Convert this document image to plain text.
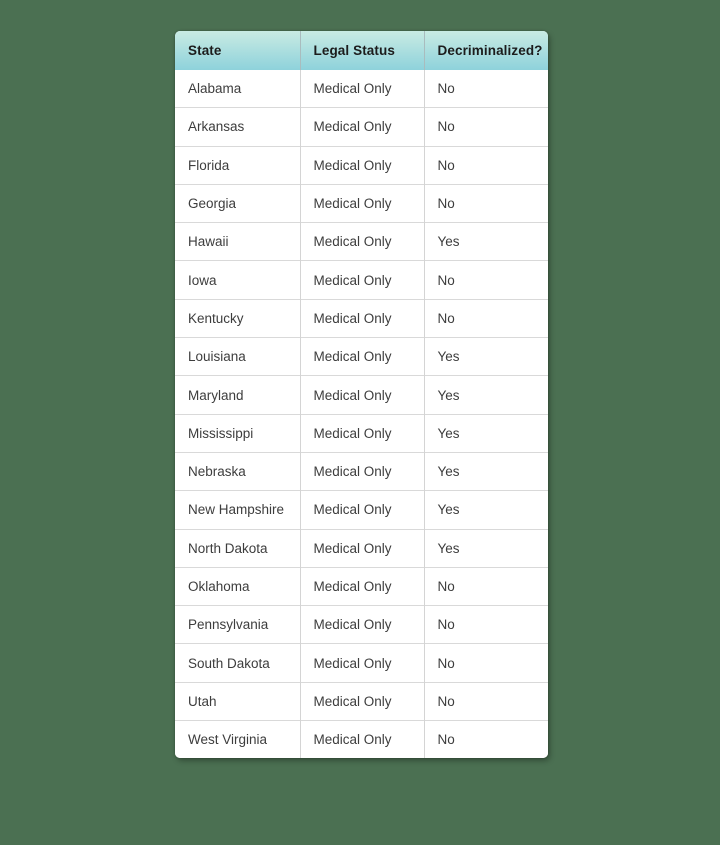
State	Legal Status	Decriminalized?
Alabama	Medical Only	No
Arkansas	Medical Only	No
Florida	Medical Only	No
Georgia	Medical Only	No
Hawaii	Medical Only	Yes
Iowa	Medical Only	No
Kentucky	Medical Only	No
Louisiana	Medical Only	Yes
Maryland	Medical Only	Yes
Mississippi	Medical Only	Yes
Nebraska	Medical Only	Yes
New Hampshire	Medical Only	Yes
North Dakota	Medical Only	Yes
Oklahoma	Medical Only	No
Pennsylvania	Medical Only	No
South Dakota	Medical Only	No
Utah	Medical Only	No
West Virginia	Medical Only	No
